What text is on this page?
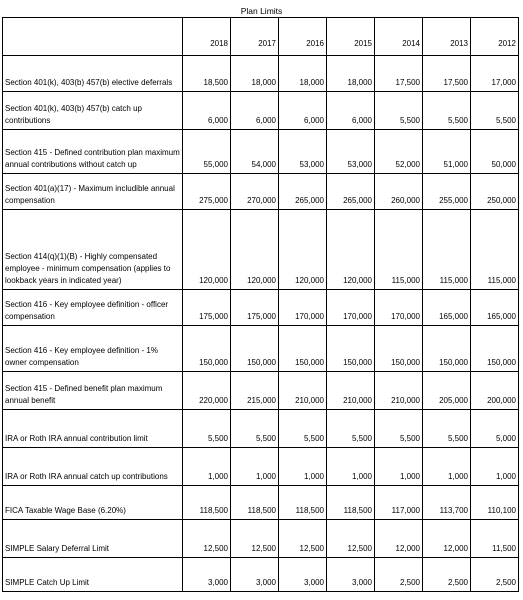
Plan Limits
	2018	2017	2016	2015	2014	2013	2012
Section 401(k), 403(b) 457(b) elective deferrals	18,500	18,000	18,000	18,000	17,500	17,500	17,000
Section 401(k), 403(b) 457(b) catch up contributions	6,000	6,000	6,000	6,000	5,500	5,500	5,500
Section 415 - Defined contribution plan maximum annual contributions without catch up	55,000	54,000	53,000	53,000	52,000	51,000	50,000
Section 401(a)(17) - Maximum includible annual compensation	275,000	270,000	265,000	265,000	260,000	255,000	250,000
Section 414(q)(1)(B) - Highly compensated employee - minimum compensation (applies to lookback years in indicated year)	120,000	120,000	120,000	120,000	115,000	115,000	115,000
Section 416 - Key employee definition - officer compensation	175,000	175,000	170,000	170,000	170,000	165,000	165,000
Section 416 - Key employee definition - 1% owner compensation	150,000	150,000	150,000	150,000	150,000	150,000	150,000
Section 415 - Defined benefit plan maximum annual benefit	220,000	215,000	210,000	210,000	210,000	205,000	200,000
IRA or Roth IRA annual contribution limit	5,500	5,500	5,500	5,500	5,500	5,500	5,000
IRA or Roth IRA annual catch up contributions	1,000	1,000	1,000	1,000	1,000	1,000	1,000
FICA Taxable Wage Base (6.20%)	118,500	118,500	118,500	118,500	117,000	113,700	110,100
SIMPLE Salary Deferral Limit	12,500	12,500	12,500	12,500	12,000	12,000	11,500
SIMPLE Catch Up Limit	3,000	3,000	3,000	3,000	2,500	2,500	2,500
